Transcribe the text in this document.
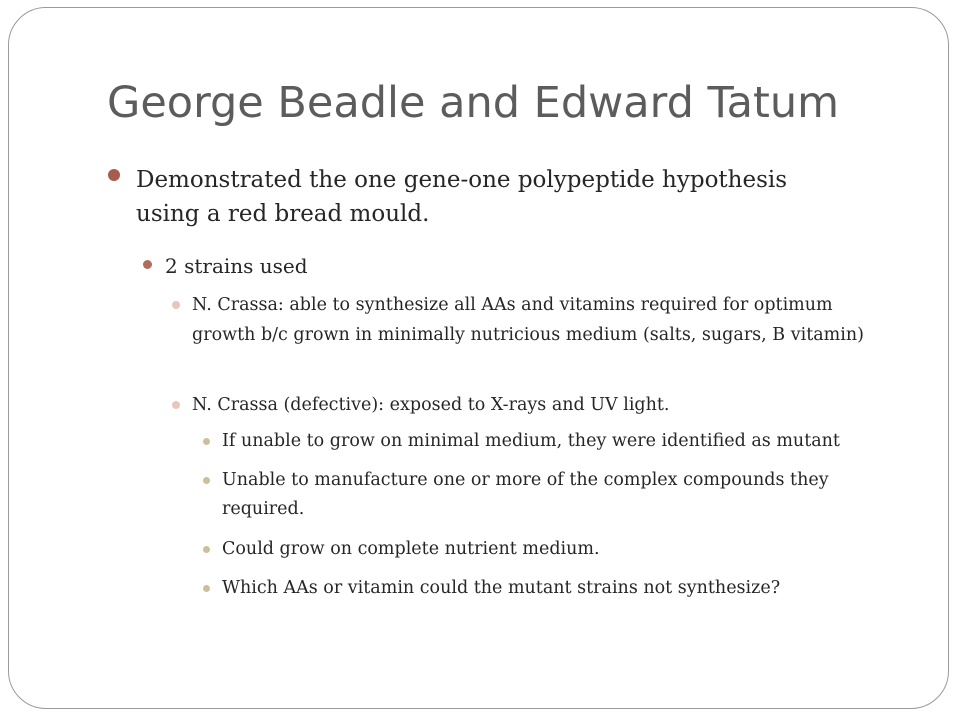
George Beadle and Edward Tatum

Demonstrated the one gene-one polypeptide hypothesis using a red bread mould.

2 strains used

N. Crassa: able to synthesize all AAs and vitamins required for optimum growth b/c grown in minimally nutricious medium (salts, sugars, B vitamin)

N. Crassa (defective): exposed to X-rays and UV light.

If unable to grow on minimal medium, they were identified as mutant

Unable to manufacture one or more of the complex compounds they required.

Could grow on complete nutrient medium.

Which AAs or vitamin could the mutant strains not synthesize?
